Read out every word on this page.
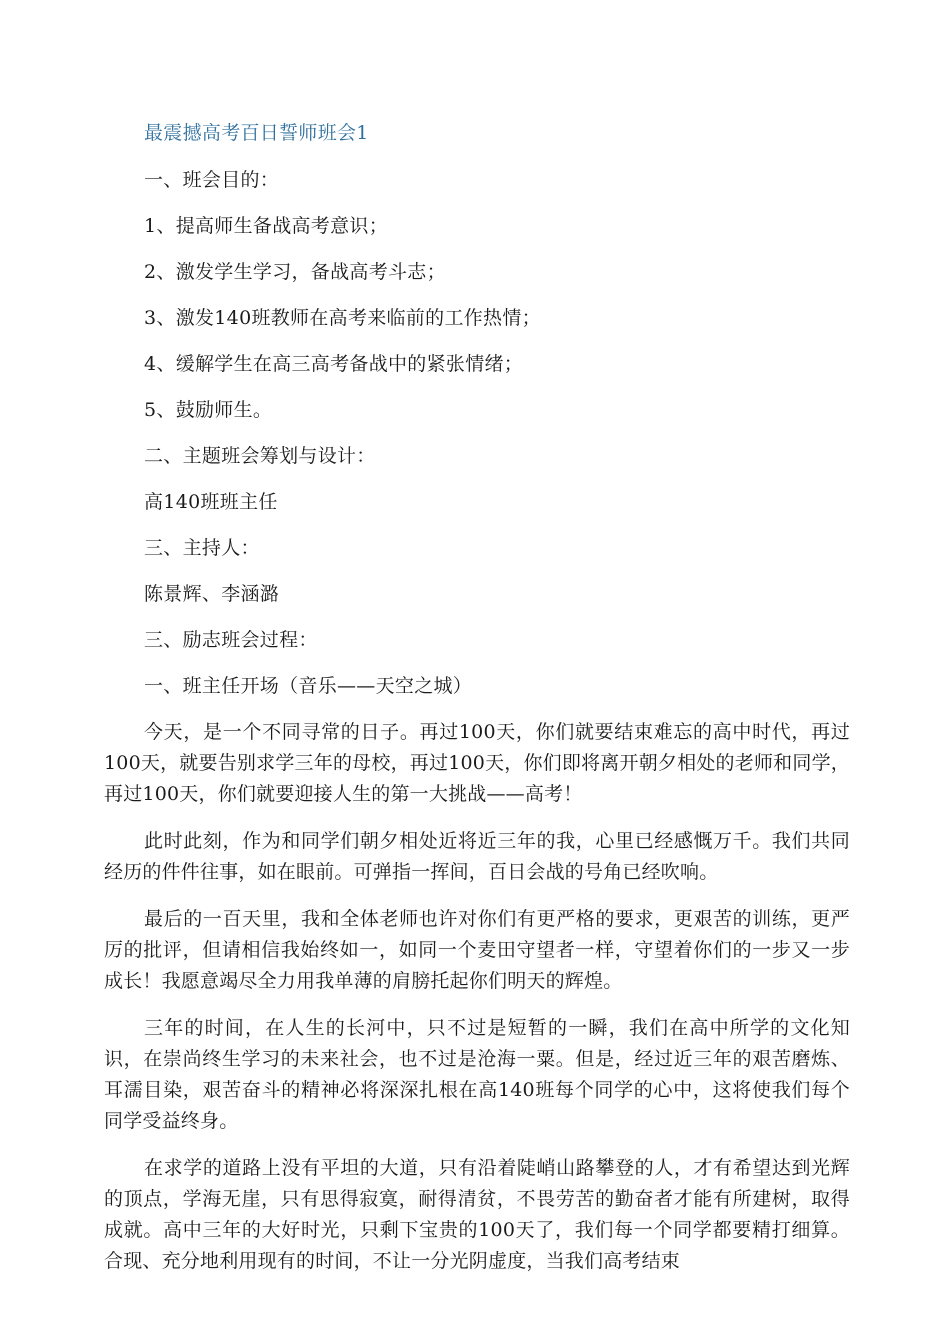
最震撼高考百日誓师班会1
一、班会目的：
1、提高师生备战高考意识；
2、激发学生学习，备战高考斗志；
3、激发140班教师在高考来临前的工作热情；
4、缓解学生在高三高考备战中的紧张情绪；
5、鼓励师生。
二、主题班会筹划与设计：
高140班班主任
三、主持人：
陈景辉、李涵潞
三、励志班会过程：
一、班主任开场（音乐——天空之城）

今天，是一个不同寻常的日子。再过100天，你们就要结束难忘的高中时代，再过100天，就要告别求学三年的母校，再过100天，你们即将离开朝夕相处的老师和同学，再过100天，你们就要迎接人生的第一大挑战——高考！

此时此刻，作为和同学们朝夕相处近将近三年的我，心里已经感慨万千。我们共同经历的件件往事，如在眼前。可弹指一挥间，百日会战的号角已经吹响。

最后的一百天里，我和全体老师也许对你们有更严格的要求，更艰苦的训练，更严厉的批评，但请相信我始终如一，如同一个麦田守望者一样，守望着你们的一步又一步成长！我愿意竭尽全力用我单薄的肩膀托起你们明天的辉煌。

三年的时间，在人生的长河中，只不过是短暂的一瞬，我们在高中所学的文化知识，在崇尚终生学习的未来社会，也不过是沧海一粟。但是，经过近三年的艰苦磨炼、耳濡目染，艰苦奋斗的精神必将深深扎根在高140班每个同学的心中，这将使我们每个同学受益终身。

在求学的道路上没有平坦的大道，只有沿着陡峭山路攀登的人，才有希望达到光辉的顶点，学海无崖，只有思得寂寞，耐得清贫，不畏劳苦的勤奋者才能有所建树，取得成就。高中三年的大好时光，只剩下宝贵的100天了，我们每一个同学都要精打细算。合现、充分地利用现有的时间，不让一分光阴虚度，当我们高考结束
